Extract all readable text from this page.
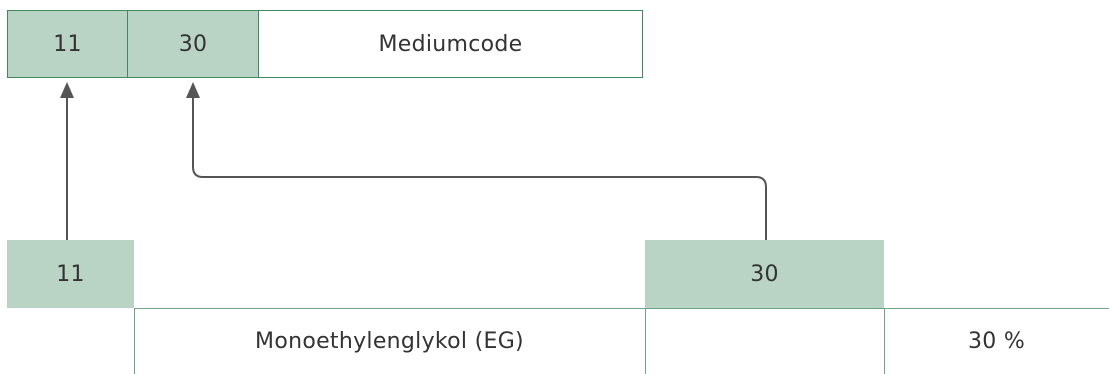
11	30	Mediumcode
11	30
Monoethylenglykol (EG)	30 %
